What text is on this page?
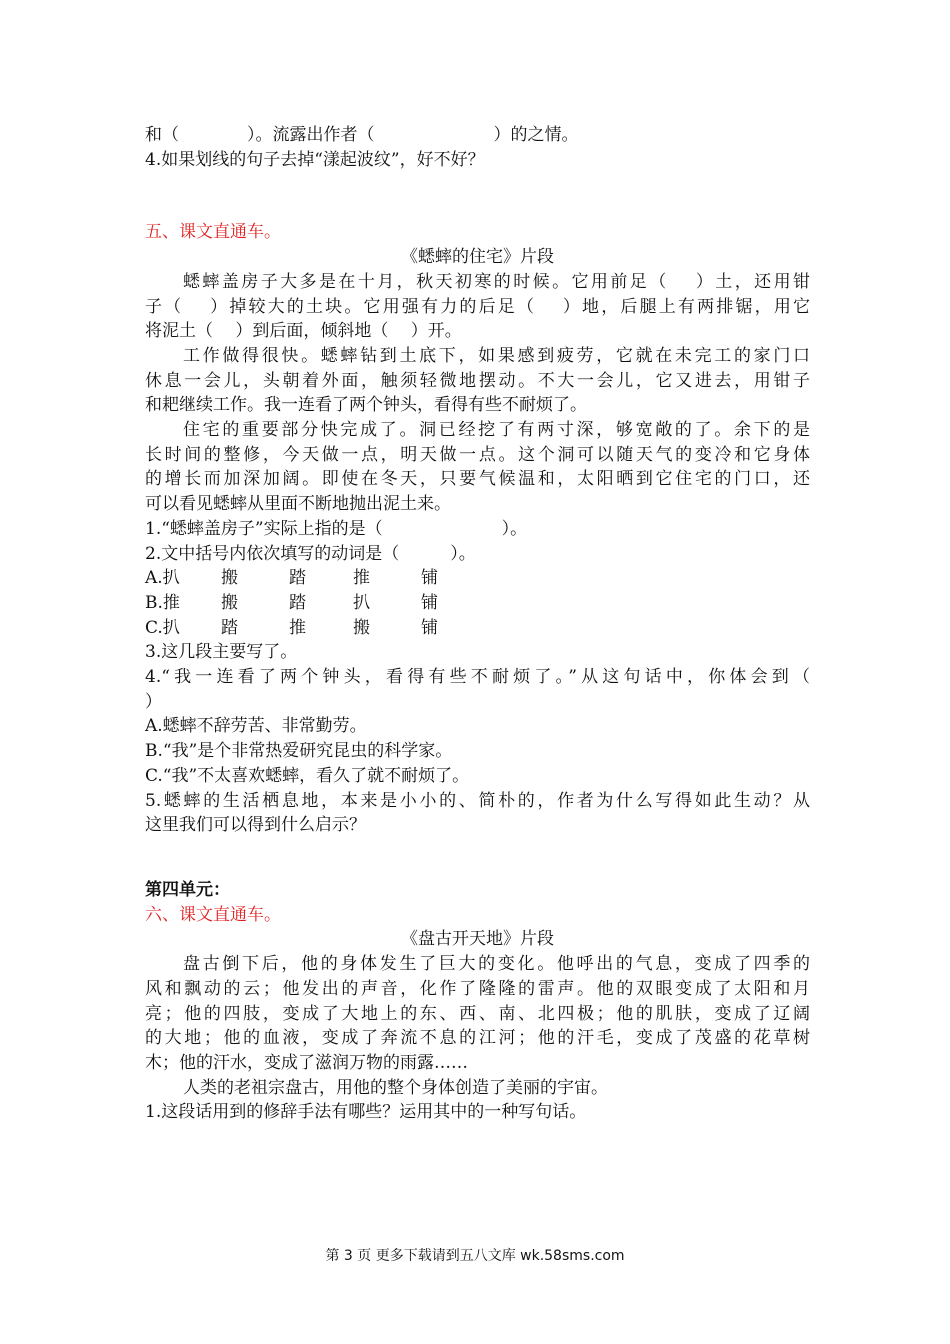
和（　　　　）。流露出作者（　　　　　　　）的之情。
4.如果划线的句子去掉“漾起波纹”，好不好？
五、课文直通车。
《蟋蟀的住宅》片段
蟋蟀盖房子大多是在十月，秋天初寒的时候。它用前足（　 ）土，还用钳
子（　 ）掉较大的土块。它用强有力的后足（　 ）地，后腿上有两排锯，用它
将泥土（　 ）到后面，倾斜地（　 ）开。
工作做得很快。蟋蟀钻到土底下，如果感到疲劳，它就在未完工的家门口
休息一会儿，头朝着外面，触须轻微地摆动。不大一会儿，它又进去，用钳子
和耙继续工作。我一连看了两个钟头，看得有些不耐烦了。
住宅的重要部分快完成了。洞已经挖了有两寸深，够宽敞的了。余下的是
长时间的整修，今天做一点，明天做一点。这个洞可以随天气的变冷和它身体
的增长而加深加阔。即使在冬天，只要气候温和，太阳晒到它住宅的门口，还
可以看见蟋蟀从里面不断地抛出泥土来。
1.“蟋蟀盖房子”实际上指的是（　　　　　　　）。
2.文中括号内依次填写的动词是（　　　）。
A.扒 搬	踏	推	铺
B.推 搬	踏	扒	铺
C.扒 踏	推	搬	铺
3.这几段主要写了。
4.“我一连看了两个钟头，看得有些不耐烦了。”从这句话中，你体会到（
）
A.蟋蟀不辞劳苦、非常勤劳。
B.“我”是个非常热爱研究昆虫的科学家。
C.“我”不太喜欢蟋蟀，看久了就不耐烦了。
5.蟋蟀的生活栖息地，本来是小小的、简朴的，作者为什么写得如此生动？从
这里我们可以得到什么启示？
第四单元：
六、课文直通车。
《盘古开天地》片段
盘古倒下后，他的身体发生了巨大的变化。他呼出的气息，变成了四季的
风和飘动的云；他发出的声音，化作了隆隆的雷声。他的双眼变成了太阳和月
亮；他的四肢，变成了大地上的东、西、南、北四极；他的肌肤，变成了辽阔
的大地；他的血液，变成了奔流不息的江河；他的汗毛，变成了茂盛的花草树
木；他的汗水，变成了滋润万物的雨露……
人类的老祖宗盘古，用他的整个身体创造了美丽的宇宙。
1.这段话用到的修辞手法有哪些？运用其中的一种写句话。
第 3 页 更多下载请到五八文库 wk.58sms.com
